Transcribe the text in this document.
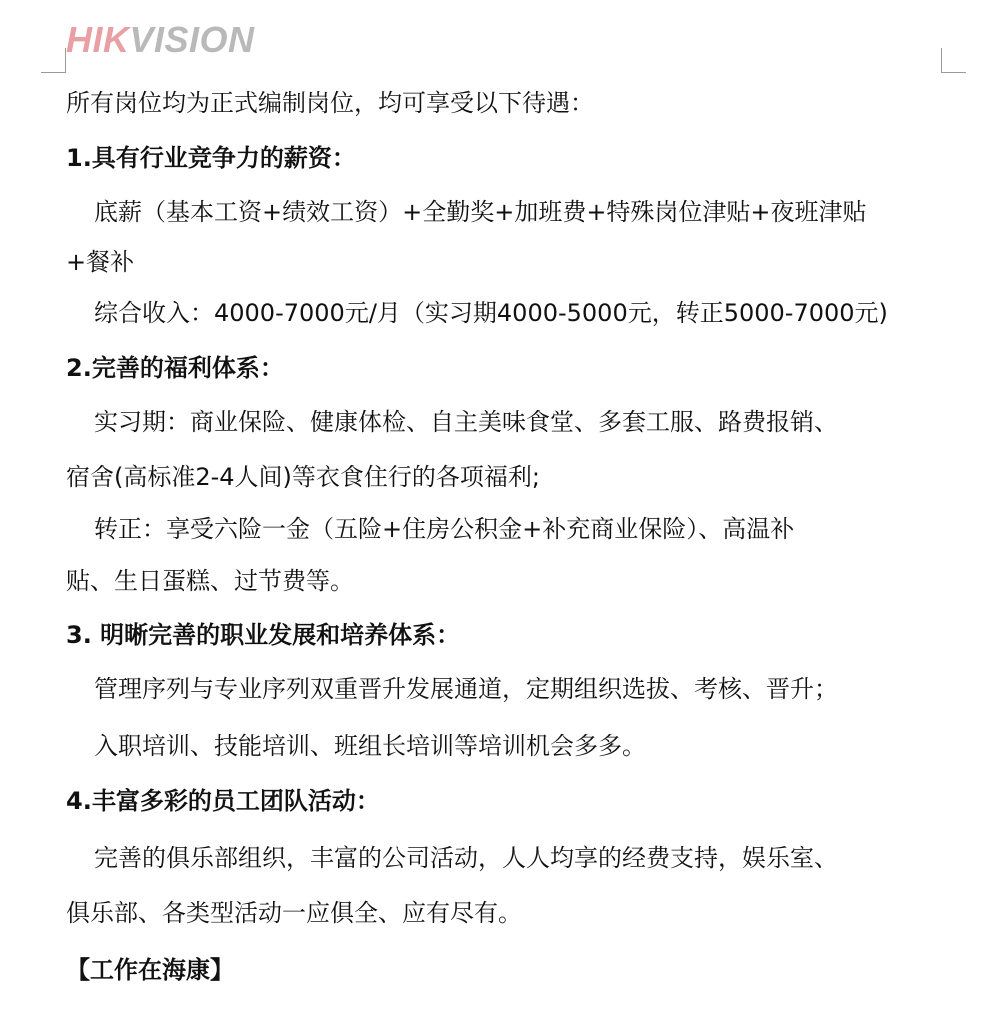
HIKVISION
所有岗位均为正式编制岗位，均可享受以下待遇：
1.具有行业竞争力的薪资：
底薪（基本工资+绩效工资）+全勤奖+加班费+特殊岗位津贴+夜班津贴
+餐补
综合收入：4000-7000元/月（实习期4000-5000元，转正5000-7000元)
2.完善的福利体系：
实习期：商业保险、健康体检、自主美味食堂、多套工服、路费报销、
宿舍(高标准2-4人间)等衣食住行的各项福利;
转正：享受六险一金（五险+住房公积金+补充商业保险）、高温补
贴、生日蛋糕、过节费等。
3. 明晰完善的职业发展和培养体系：
管理序列与专业序列双重晋升发展通道，定期组织选拔、考核、晋升；
入职培训、技能培训、班组长培训等培训机会多多。
4.丰富多彩的员工团队活动：
完善的俱乐部组织，丰富的公司活动，人人均享的经费支持，娱乐室、
俱乐部、各类型活动一应俱全、应有尽有。
【工作在海康】
